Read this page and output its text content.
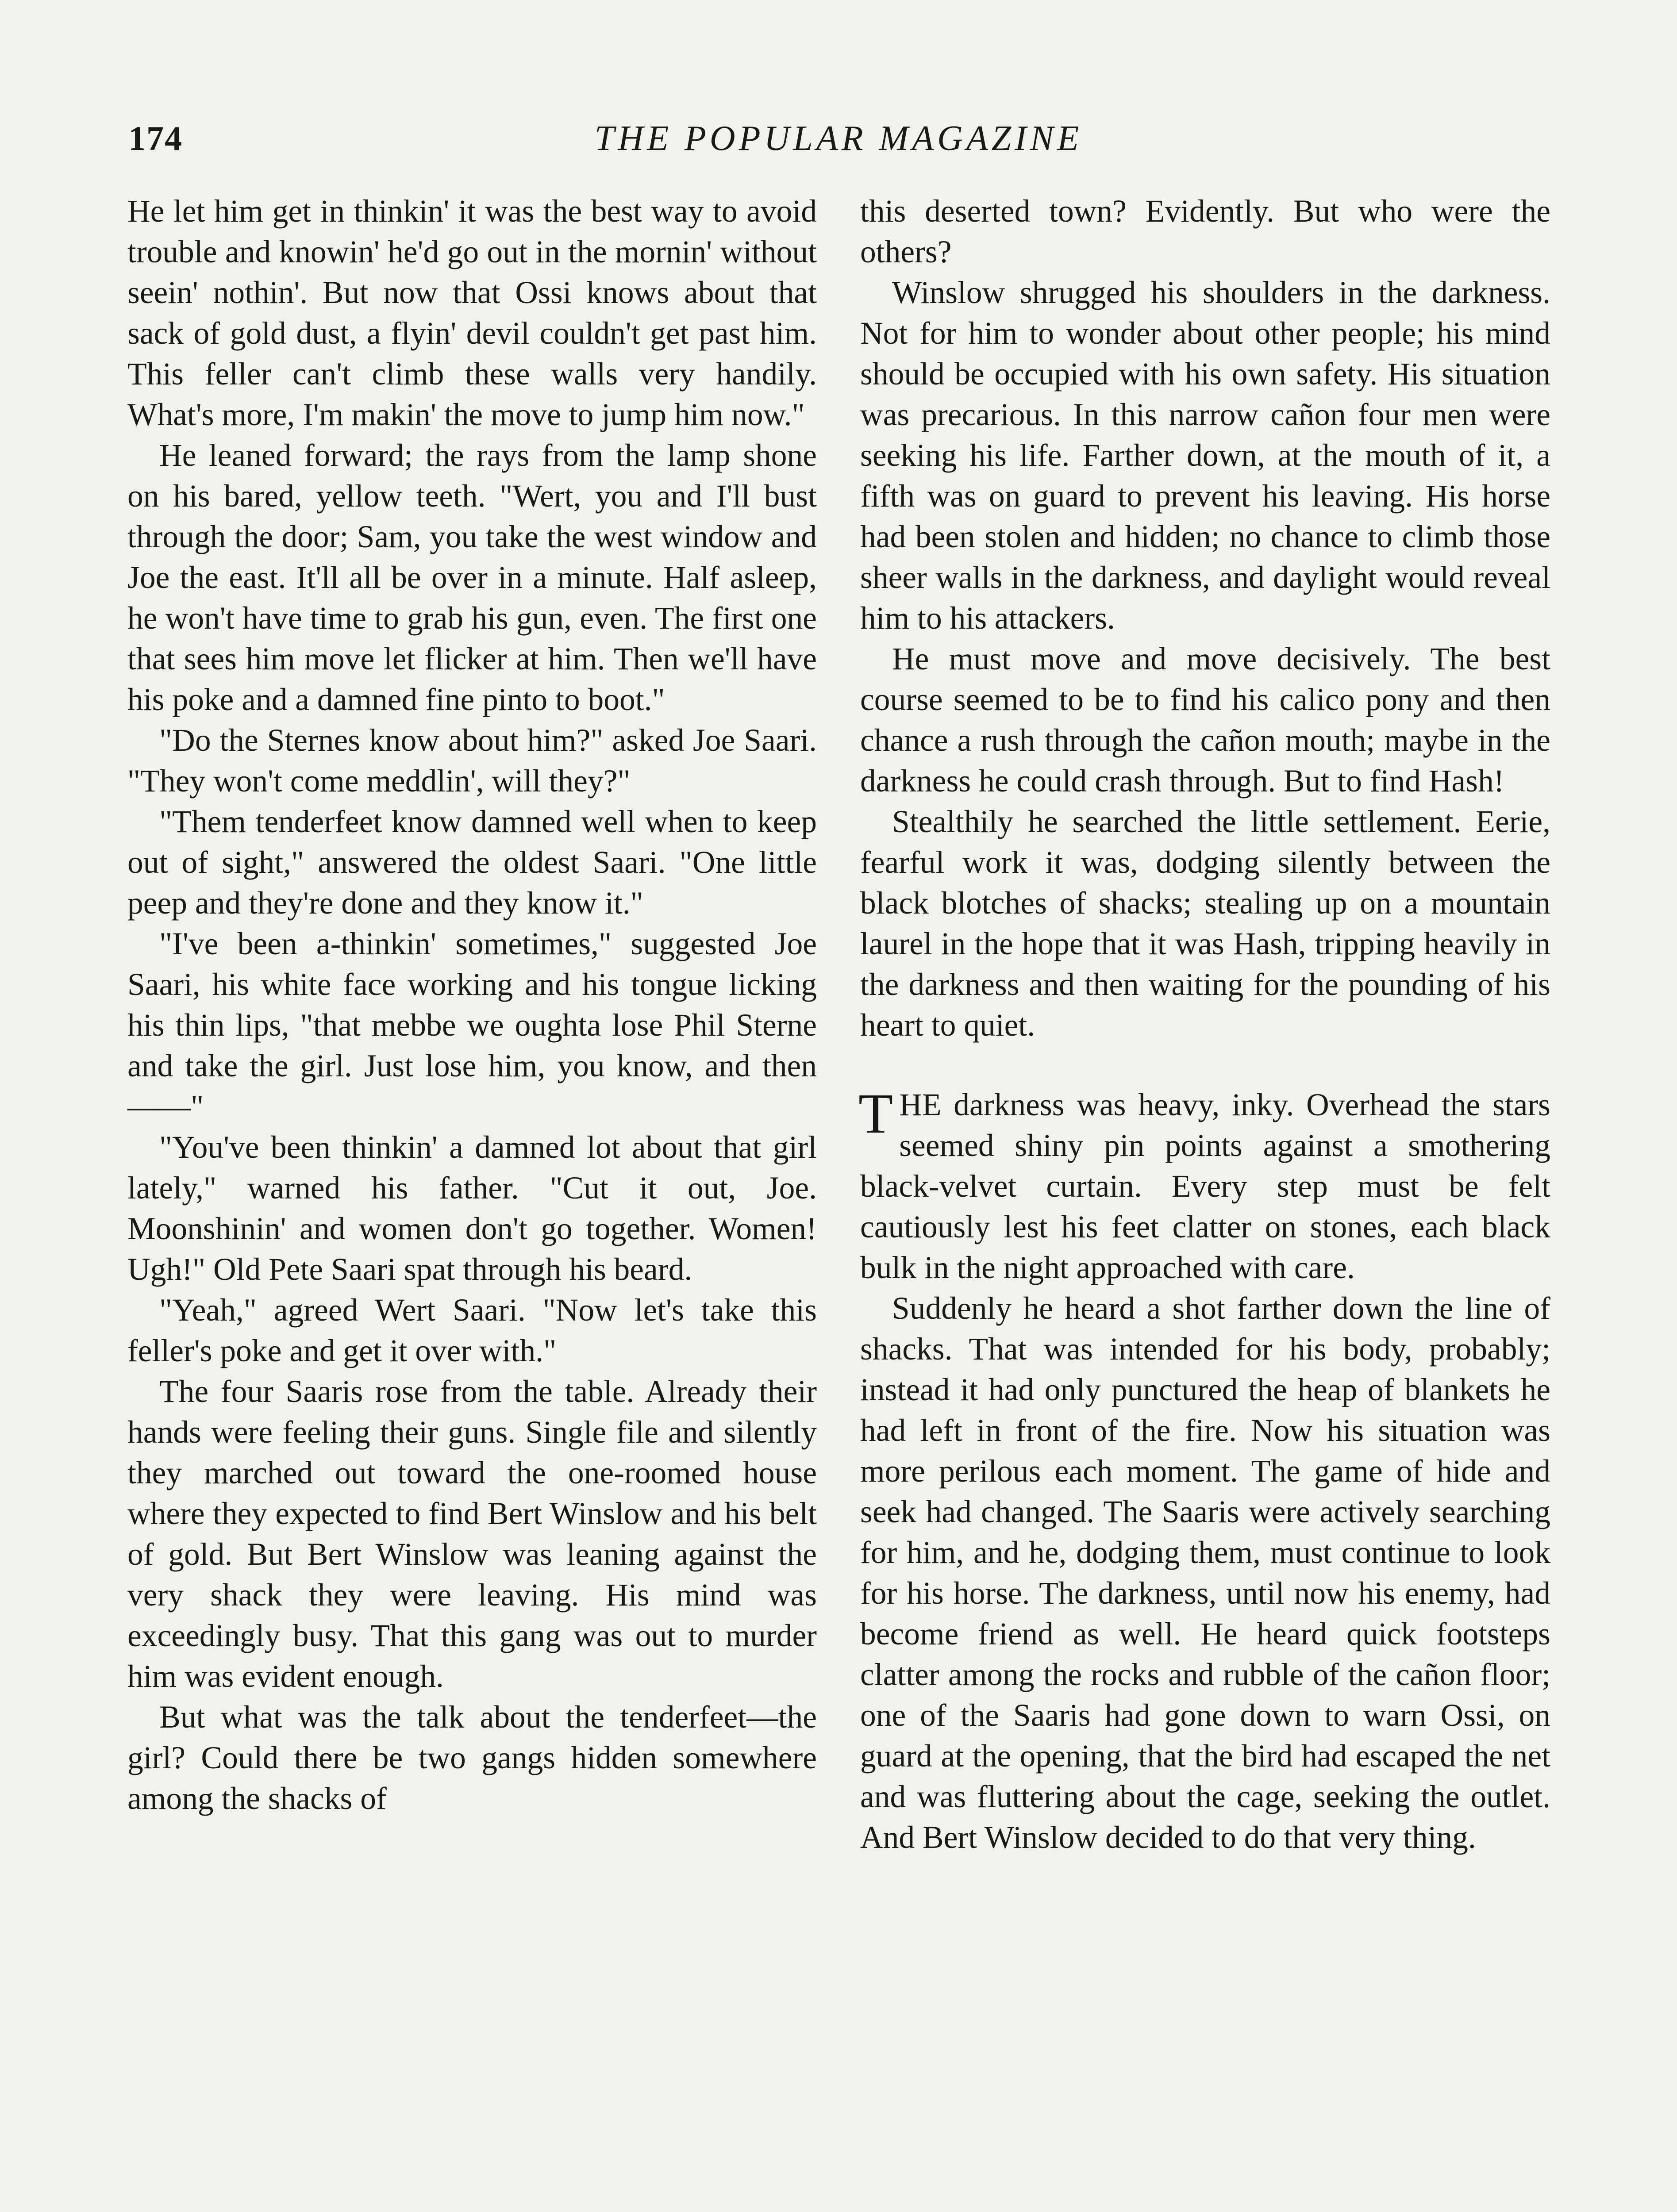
174	THE POPULAR MAGAZINE

He let him get in thinkin' it was the best way to avoid trouble and knowin' he'd go out in the mornin' without seein' nothin'. But now that Ossi knows about that sack of gold dust, a flyin' devil couldn't get past him. This feller can't climb these walls very handily. What's more, I'm makin' the move to jump him now."

He leaned forward; the rays from the lamp shone on his bared, yellow teeth. "Wert, you and I'll bust through the door; Sam, you take the west window and Joe the east. It'll all be over in a minute. Half asleep, he won't have time to grab his gun, even. The first one that sees him move let flicker at him. Then we'll have his poke and a damned fine pinto to boot."

"Do the Sternes know about him?" asked Joe Saari. "They won't come meddlin', will they?"

"Them tenderfeet know damned well when to keep out of sight," answered the oldest Saari. "One little peep and they're done and they know it."

"I've been a-thinkin' sometimes," suggested Joe Saari, his white face working and his tongue licking his thin lips, "that mebbe we oughta lose Phil Sterne and take the girl. Just lose him, you know, and then——"

"You've been thinkin' a damned lot about that girl lately," warned his father. "Cut it out, Joe. Moonshinin' and women don't go together. Women! Ugh!" Old Pete Saari spat through his beard.

"Yeah," agreed Wert Saari. "Now let's take this feller's poke and get it over with."

The four Saaris rose from the table. Already their hands were feeling their guns. Single file and silently they marched out toward the one-roomed house where they expected to find Bert Winslow and his belt of gold. But Bert Winslow was leaning against the very shack they were leaving. His mind was exceedingly busy. That this gang was out to murder him was evident enough.

But what was the talk about the tenderfeet—the girl? Could there be two gangs hidden somewhere among the shacks of

this deserted town? Evidently. But who were the others?

Winslow shrugged his shoulders in the darkness. Not for him to wonder about other people; his mind should be occupied with his own safety. His situation was precarious. In this narrow cañon four men were seeking his life. Farther down, at the mouth of it, a fifth was on guard to prevent his leaving. His horse had been stolen and hidden; no chance to climb those sheer walls in the darkness, and daylight would reveal him to his attackers.

He must move and move decisively. The best course seemed to be to find his calico pony and then chance a rush through the cañon mouth; maybe in the darkness he could crash through. But to find Hash!

Stealthily he searched the little settlement. Eerie, fearful work it was, dodging silently between the black blotches of shacks; stealing up on a mountain laurel in the hope that it was Hash, tripping heavily in the darkness and then waiting for the pounding of his heart to quiet.

THE darkness was heavy, inky. Overhead the stars seemed shiny pin points against a smothering black-velvet curtain. Every step must be felt cautiously lest his feet clatter on stones, each black bulk in the night approached with care.

Suddenly he heard a shot farther down the line of shacks. That was intended for his body, probably; instead it had only punctured the heap of blankets he had left in front of the fire. Now his situation was more perilous each moment. The game of hide and seek had changed. The Saaris were actively searching for him, and he, dodging them, must continue to look for his horse. The darkness, until now his enemy, had become friend as well. He heard quick footsteps clatter among the rocks and rubble of the cañon floor; one of the Saaris had gone down to warn Ossi, on guard at the opening, that the bird had escaped the net and was fluttering about the cage, seeking the outlet. And Bert Winslow decided to do that very thing.
